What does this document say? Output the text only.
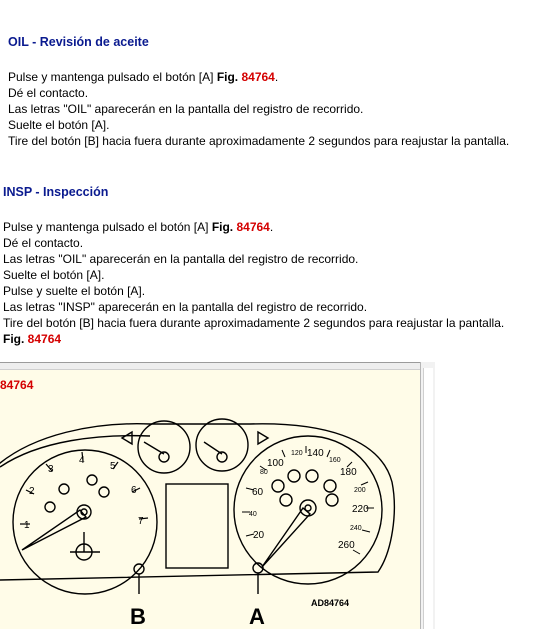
OIL - Revisión de aceite
Pulse y mantenga pulsado el botón [A] Fig. 84764.
Dé el contacto.
Las letras "OIL" aparecerán en la pantalla del registro de recorrido.
Suelte el botón [A].
Tire del botón [B] hacia fuera durante aproximadamente 2 segundos para reajustar la pantalla.
INSP - Inspección
Pulse y mantenga pulsado el botón [A] Fig. 84764.
Dé el contacto.
Las letras "OIL" aparecerán en la pantalla del registro de recorrido.
Suelte el botón [A].
Pulse y suelte el botón [A].
Las letras "INSP" aparecerán en la pantalla del registro de recorrido.
Tire del botón [B] hacia fuera durante aproximadamente 2 segundos para reajustar la pantalla.
Fig. 84764
84764
1
2
3
4
5
6
7
20
40
60
80
100
120 140
160
180
200
220
240
260
AD84764
B	A
